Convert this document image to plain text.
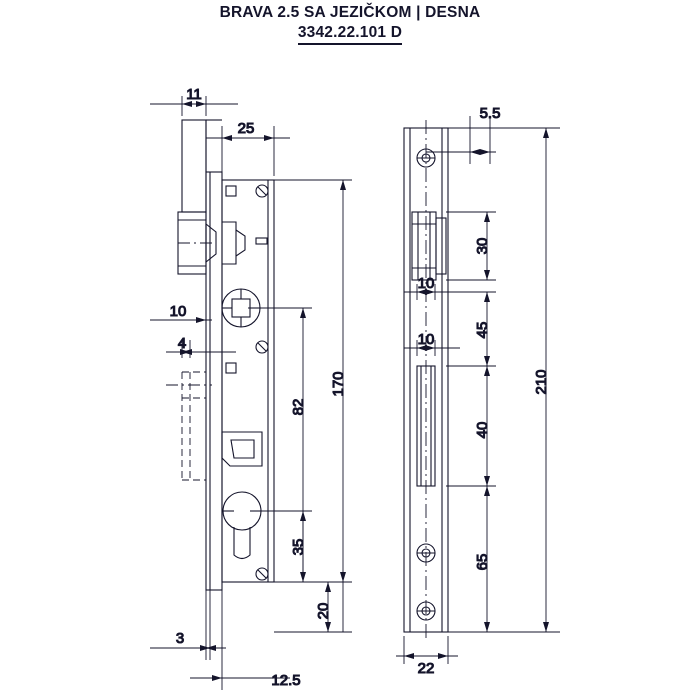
BRAVA 2.5 SA JEZIČKOM | DESNA
3342.22.101 D
11
25
10
4
170
82
35
20
3
12.5
5.5
30
10
45
10
40
65
210
22
